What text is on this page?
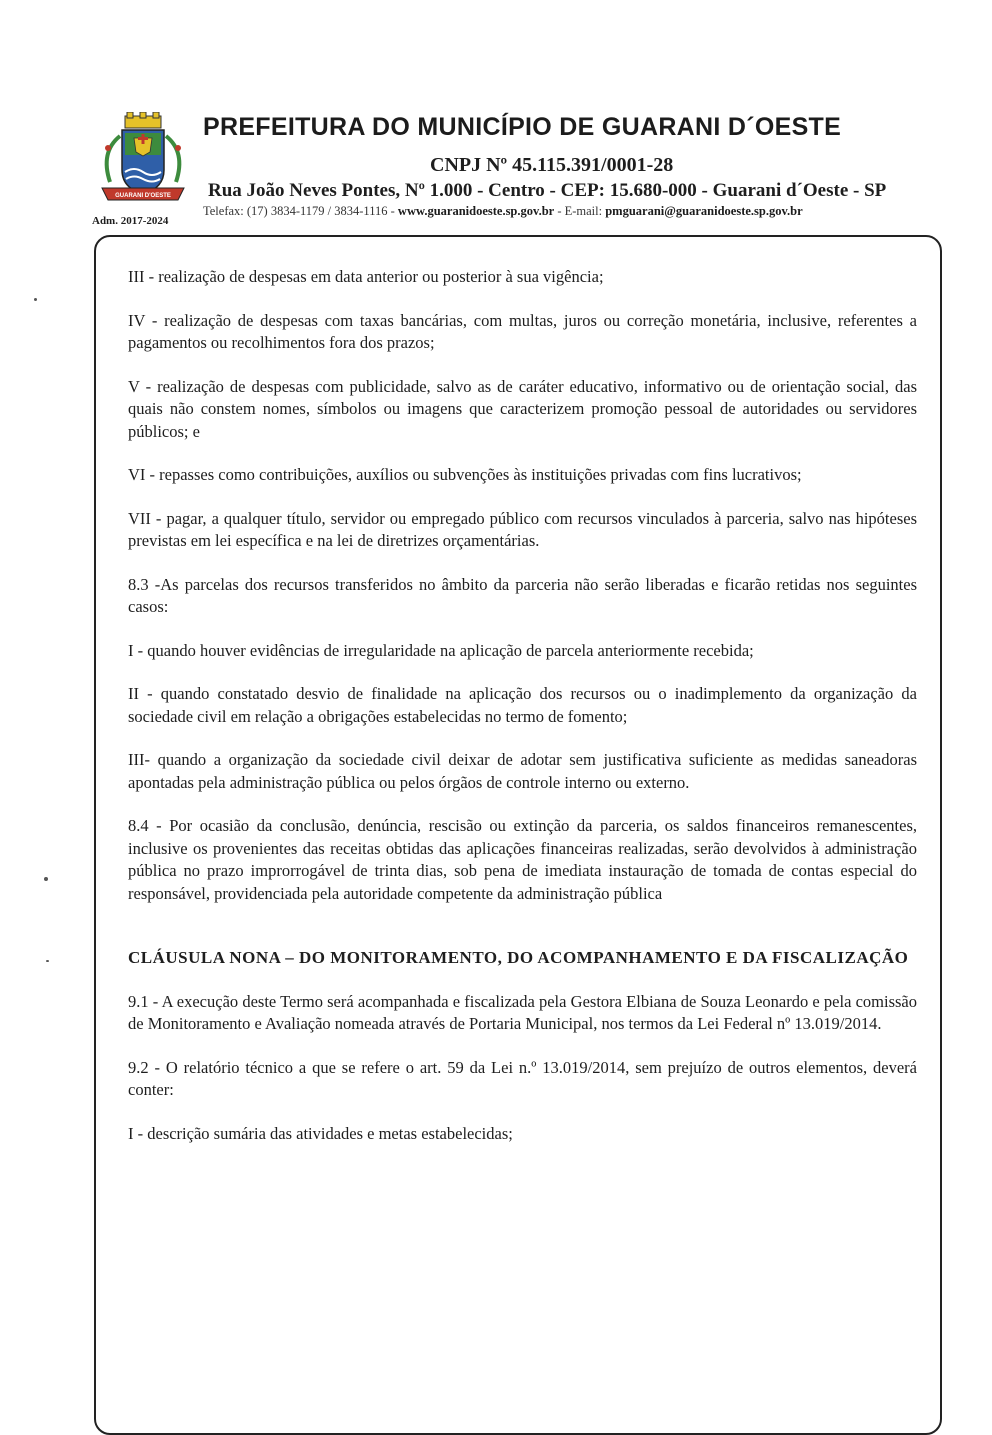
GUARANI D'OESTE
PREFEITURA DO MUNICÍPIO DE GUARANI D´OESTE
CNPJ Nº 45.115.391/0001-28
Rua João Neves Pontes, Nº 1.000 - Centro - CEP: 15.680-000 - Guarani d´Oeste - SP
Telefax: (17) 3834-1179 / 3834-1116 - www.guaranidoeste.sp.gov.br - E-mail: pmguarani@guaranidoeste.sp.gov.br
Adm. 2017-2024

III - realização de despesas em data anterior ou posterior à sua vigência;

IV - realização de despesas com taxas bancárias, com multas, juros ou correção monetária, inclusive, referentes a pagamentos ou recolhimentos fora dos prazos;

V - realização de despesas com publicidade, salvo as de caráter educativo, informativo ou de orientação social, das quais não constem nomes, símbolos ou imagens que caracterizem promoção pessoal de autoridades ou servidores públicos; e

VI - repasses como contribuições, auxílios ou subvenções às instituições privadas com fins lucrativos;

VII - pagar, a qualquer título, servidor ou empregado público com recursos vinculados à parceria, salvo nas hipóteses previstas em lei específica e na lei de diretrizes orçamentárias.

8.3 -As parcelas dos recursos transferidos no âmbito da parceria não serão liberadas e ficarão retidas nos seguintes casos:

I - quando houver evidências de irregularidade na aplicação de parcela anteriormente recebida;

II - quando constatado desvio de finalidade na aplicação dos recursos ou o inadimplemento da organização da sociedade civil em relação a obrigações estabelecidas no termo de fomento;

III- quando a organização da sociedade civil deixar de adotar sem justificativa suficiente as medidas saneadoras apontadas pela administração pública ou pelos órgãos de controle interno ou externo.

8.4 - Por ocasião da conclusão, denúncia, rescisão ou extinção da parceria, os saldos financeiros remanescentes, inclusive os provenientes das receitas obtidas das aplicações financeiras realizadas, serão devolvidos à administração pública no prazo improrrogável de trinta dias, sob pena de imediata instauração de tomada de contas especial do responsável, providenciada pela autoridade competente da administração pública

CLÁUSULA NONA – DO MONITORAMENTO, DO ACOMPANHAMENTO E DA FISCALIZAÇÃO

9.1 - A execução deste Termo será acompanhada e fiscalizada pela Gestora Elbiana de Souza Leonardo e pela comissão de Monitoramento e Avaliação nomeada através de Portaria Municipal, nos termos da Lei Federal nº 13.019/2014.

9.2 - O relatório técnico a que se refere o art. 59 da Lei n.º 13.019/2014, sem prejuízo de outros elementos, deverá conter:

I - descrição sumária das atividades e metas estabelecidas;
